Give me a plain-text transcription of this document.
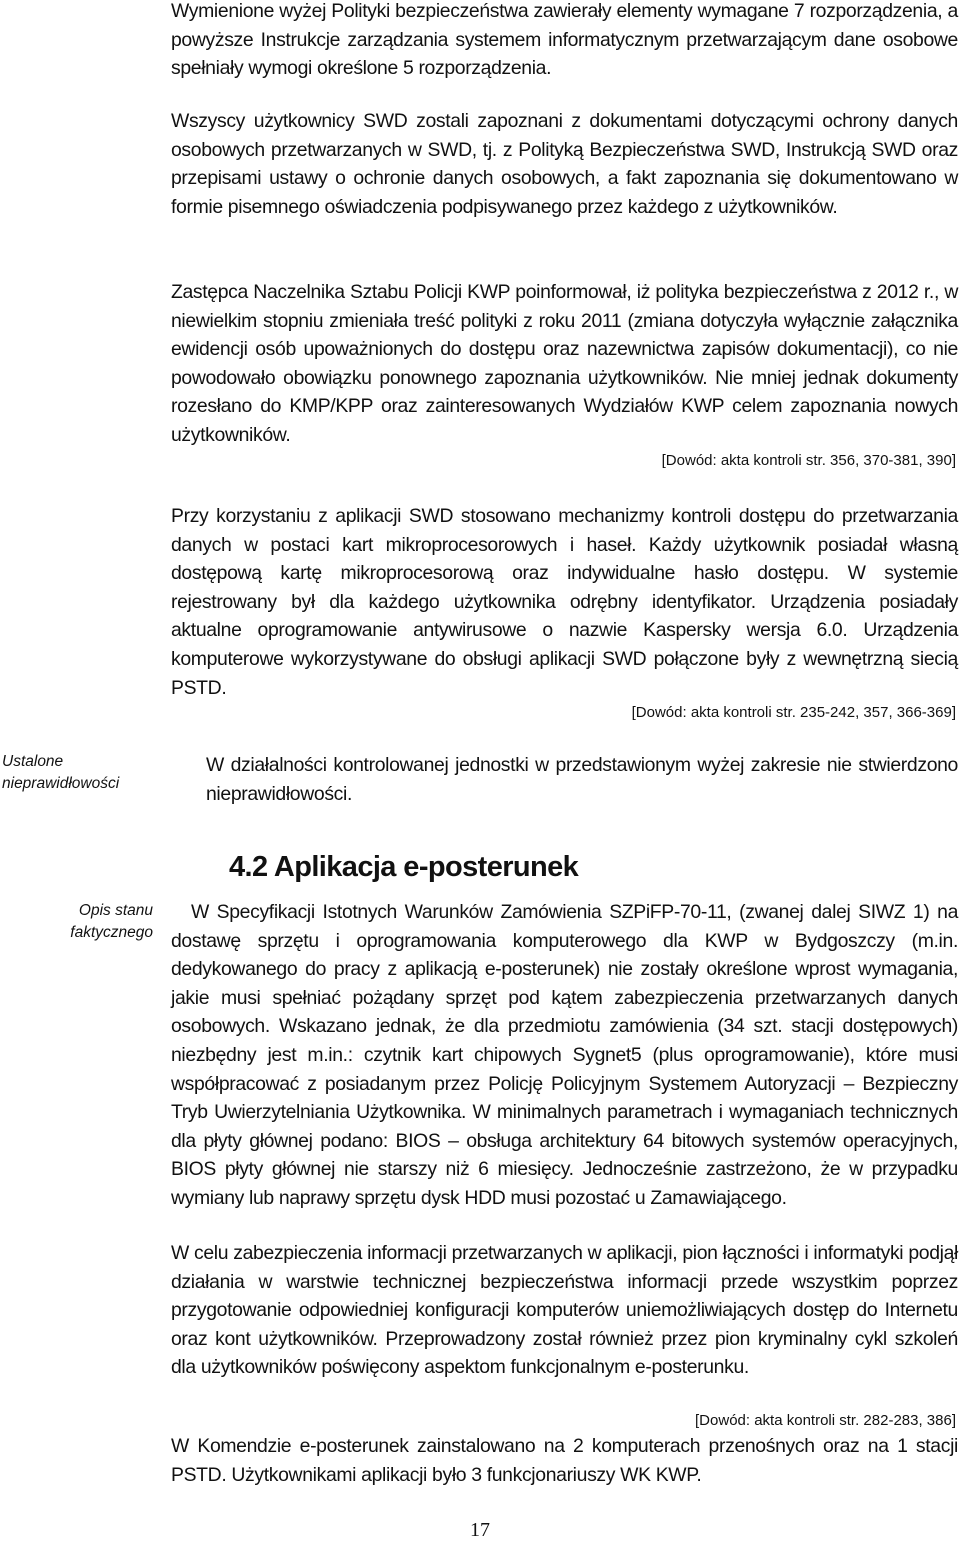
Wymienione wyżej Polityki bezpieczeństwa zawierały elementy wymagane 7 rozporządzenia, a powyższe Instrukcje zarządzania systemem informatycznym przetwarzającym dane osobowe spełniały wymogi określone 5 rozporządzenia.

Wszyscy użytkownicy SWD zostali zapoznani z dokumentami dotyczącymi ochrony danych osobowych przetwarzanych w SWD, tj. z Polityką Bezpieczeństwa SWD, Instrukcją SWD oraz przepisami ustawy o ochronie danych osobowych, a fakt zapoznania się dokumentowano w formie pisemnego oświadczenia podpisywanego przez każdego z użytkowników.

Zastępca Naczelnika Sztabu Policji KWP poinformował, iż polityka bezpieczeństwa z 2012 r., w niewielkim stopniu zmieniała treść polityki z roku 2011 (zmiana dotyczyła wyłącznie załącznika ewidencji osób upoważnionych do dostępu oraz nazewnictwa zapisów dokumentacji), co nie powodowało obowiązku ponownego zapoznania użytkowników. Nie mniej jednak dokumenty rozesłano do KMP/KPP oraz zainteresowanych Wydziałów KWP celem zapoznania nowych użytkowników.

[Dowód: akta kontroli str. 356, 370-381, 390]

Przy korzystaniu z aplikacji SWD stosowano mechanizmy kontroli dostępu do przetwarzania danych w postaci kart mikroprocesorowych i haseł. Każdy użytkownik posiadał własną dostępową kartę mikroprocesorową oraz indywidualne hasło dostępu. W systemie rejestrowany był dla każdego użytkownika odrębny identyfikator. Urządzenia posiadały aktualne oprogramowanie antywirusowe o nazwie Kaspersky wersja 6.0. Urządzenia komputerowe wykorzystywane do obsługi aplikacji SWD połączone były z wewnętrzną siecią PSTD.

[Dowód: akta kontroli str. 235-242, 357, 366-369]

Ustalone nieprawidłowości

W działalności kontrolowanej jednostki w przedstawionym wyżej zakresie nie stwierdzono nieprawidłowości.

4.2 Aplikacja e-posterunek

Opis stanu faktycznego

W Specyfikacji Istotnych Warunków Zamówienia SZPiFP-70-11, (zwanej dalej SIWZ 1) na dostawę sprzętu i oprogramowania komputerowego dla KWP w Bydgoszczy (m.in. dedykowanego do pracy z aplikacją e-posterunek) nie zostały określone wprost wymagania, jakie musi spełniać pożądany sprzęt pod kątem zabezpieczenia przetwarzanych danych osobowych. Wskazano jednak, że dla przedmiotu zamówienia (34 szt. stacji dostępowych) niezbędny jest m.in.: czytnik kart chipowych Sygnet5 (plus oprogramowanie), które musi współpracować z posiadanym przez Policję Policyjnym Systemem Autoryzacji – Bezpieczny Tryb Uwierzytelniania Użytkownika. W minimalnych parametrach i wymaganiach technicznych dla płyty głównej podano: BIOS – obsługa architektury 64 bitowych systemów operacyjnych, BIOS płyty głównej nie starszy niż 6 miesięcy. Jednocześnie zastrzeżono, że w przypadku wymiany lub naprawy sprzętu dysk HDD musi pozostać u Zamawiającego.

W celu zabezpieczenia informacji przetwarzanych w aplikacji, pion łączności i informatyki podjął działania w warstwie technicznej bezpieczeństwa informacji przede wszystkim poprzez przygotowanie odpowiedniej konfiguracji komputerów uniemożliwiających dostęp do Internetu oraz kont użytkowników. Przeprowadzony został również przez pion kryminalny cykl szkoleń dla użytkowników poświęcony aspektom funkcjonalnym e-posterunku.

[Dowód: akta kontroli str. 282-283, 386]

W Komendzie e-posterunek zainstalowano na 2 komputerach przenośnych oraz na 1 stacji PSTD. Użytkownikami aplikacji było 3 funkcjonariuszy WK KWP.

17
